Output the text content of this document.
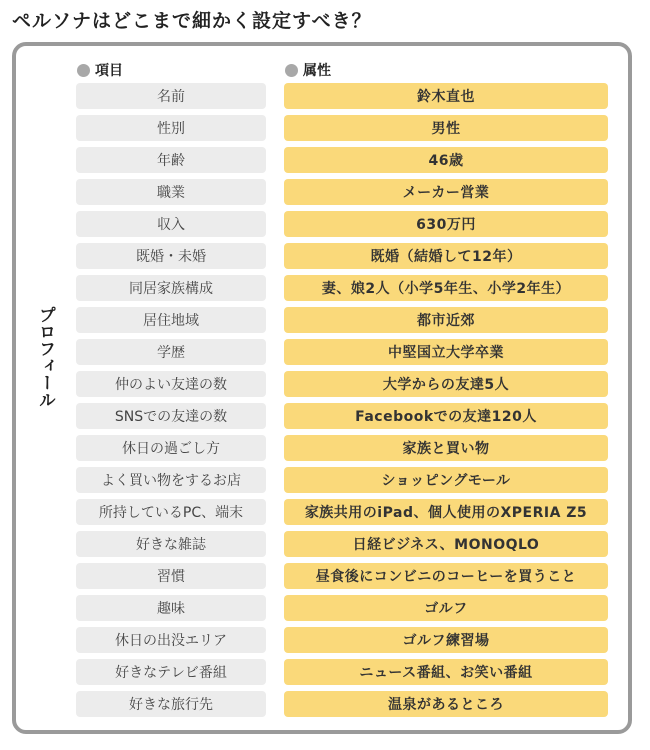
ペルソナはどこまで細かく設定すべき？
プロフィール
項目	属性
名前	鈴木直也
性別	男性
年齢	46歳
職業	メーカー営業
収入	630万円
既婚・未婚	既婚（結婚して12年）
同居家族構成	妻、娘2人（小学5年生、小学2年生）
居住地域	都市近郊
学歴	中堅国立大学卒業
仲のよい友達の数	大学からの友達5人
SNSでの友達の数	Facebookでの友達120人
休日の過ごし方	家族と買い物
よく買い物をするお店	ショッピングモール
所持しているPC、端末	家族共用のiPad、個人使用のXPERIA Z5
好きな雑誌	日経ビジネス、MONOQLO
習慣	昼食後にコンビニのコーヒーを買うこと
趣味	ゴルフ
休日の出没エリア	ゴルフ練習場
好きなテレビ番組	ニュース番組、お笑い番組
好きな旅行先	温泉があるところ
